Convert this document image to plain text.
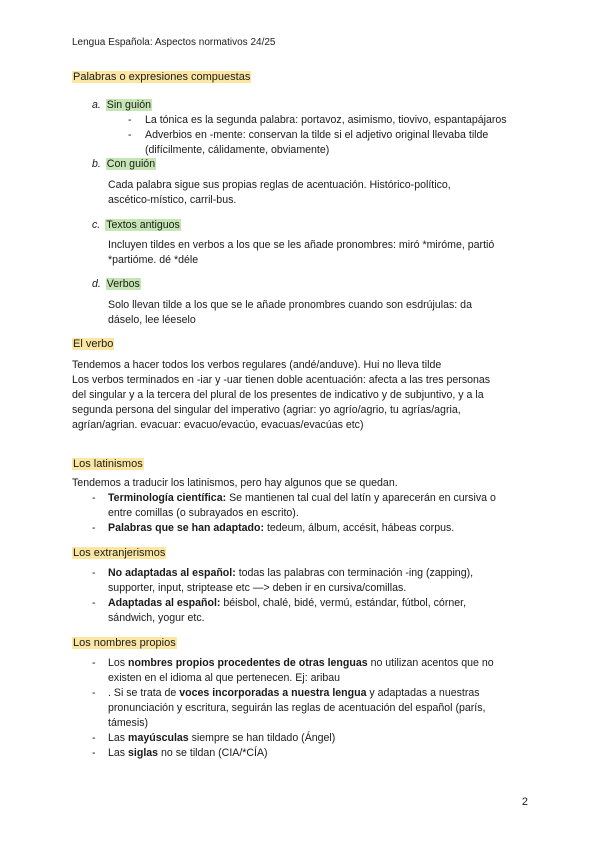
Lengua Española: Aspectos normativos 24/25
Palabras o expresiones compuestas
a. Sin guión
- La tónica es la segunda palabra: portavoz, asimismo, tiovivo, espantapájaros
- Adverbios en -mente: conservan la tilde si el adjetivo original llevaba tilde
(difícilmente, cálidamente, obviamente)
b. Con guión
Cada palabra sigue sus propias reglas de acentuación. Histórico-político,
ascético-místico, carril-bus.
c. Textos antiguos
Incluyen tildes en verbos a los que se les añade pronombres: miró *miróme, partió
*partióme. dé *déle
d. Verbos
Solo llevan tilde a los que se le añade pronombres cuando son esdrújulas: da
dáselo, lee léeselo
El verbo
Tendemos a hacer todos los verbos regulares (andé/anduve). Hui no lleva tilde
Los verbos terminados en -iar y -uar tienen doble acentuación: afecta a las tres personas
del singular y a la tercera del plural de los presentes de indicativo y de subjuntivo, y a la
segunda persona del singular del imperativo (agriar: yo agrío/agrio, tu agrías/agria,
agrían/agrian. evacuar: evacuo/evacúo, evacuas/evacúas etc)
Los latinismos
Tendemos a traducir los latinismos, pero hay algunos que se quedan.
- Terminología científica: Se mantienen tal cual del latín y aparecerán en cursiva o
entre comillas (o subrayados en escrito).
- Palabras que se han adaptado: tedeum, álbum, accésit, hábeas corpus.
Los extranjerismos
- No adaptadas al español: todas las palabras con terminación -ing (zapping),
supporter, input, striptease etc —> deben ir en cursiva/comillas.
- Adaptadas al español: béisbol, chalé, bidé, vermú, estándar, fútbol, córner,
sándwich, yogur etc.
Los nombres propios
- Los nombres propios procedentes de otras lenguas no utilizan acentos que no
existen en el idioma al que pertenecen. Ej: aribau
- . Si se trata de voces incorporadas a nuestra lengua y adaptadas a nuestras
pronunciación y escritura, seguirán las reglas de acentuación del español (parís,
támesis)
- Las mayúsculas siempre se han tildado (Ángel)
- Las siglas no se tildan (CIA/*CÍA)
2
